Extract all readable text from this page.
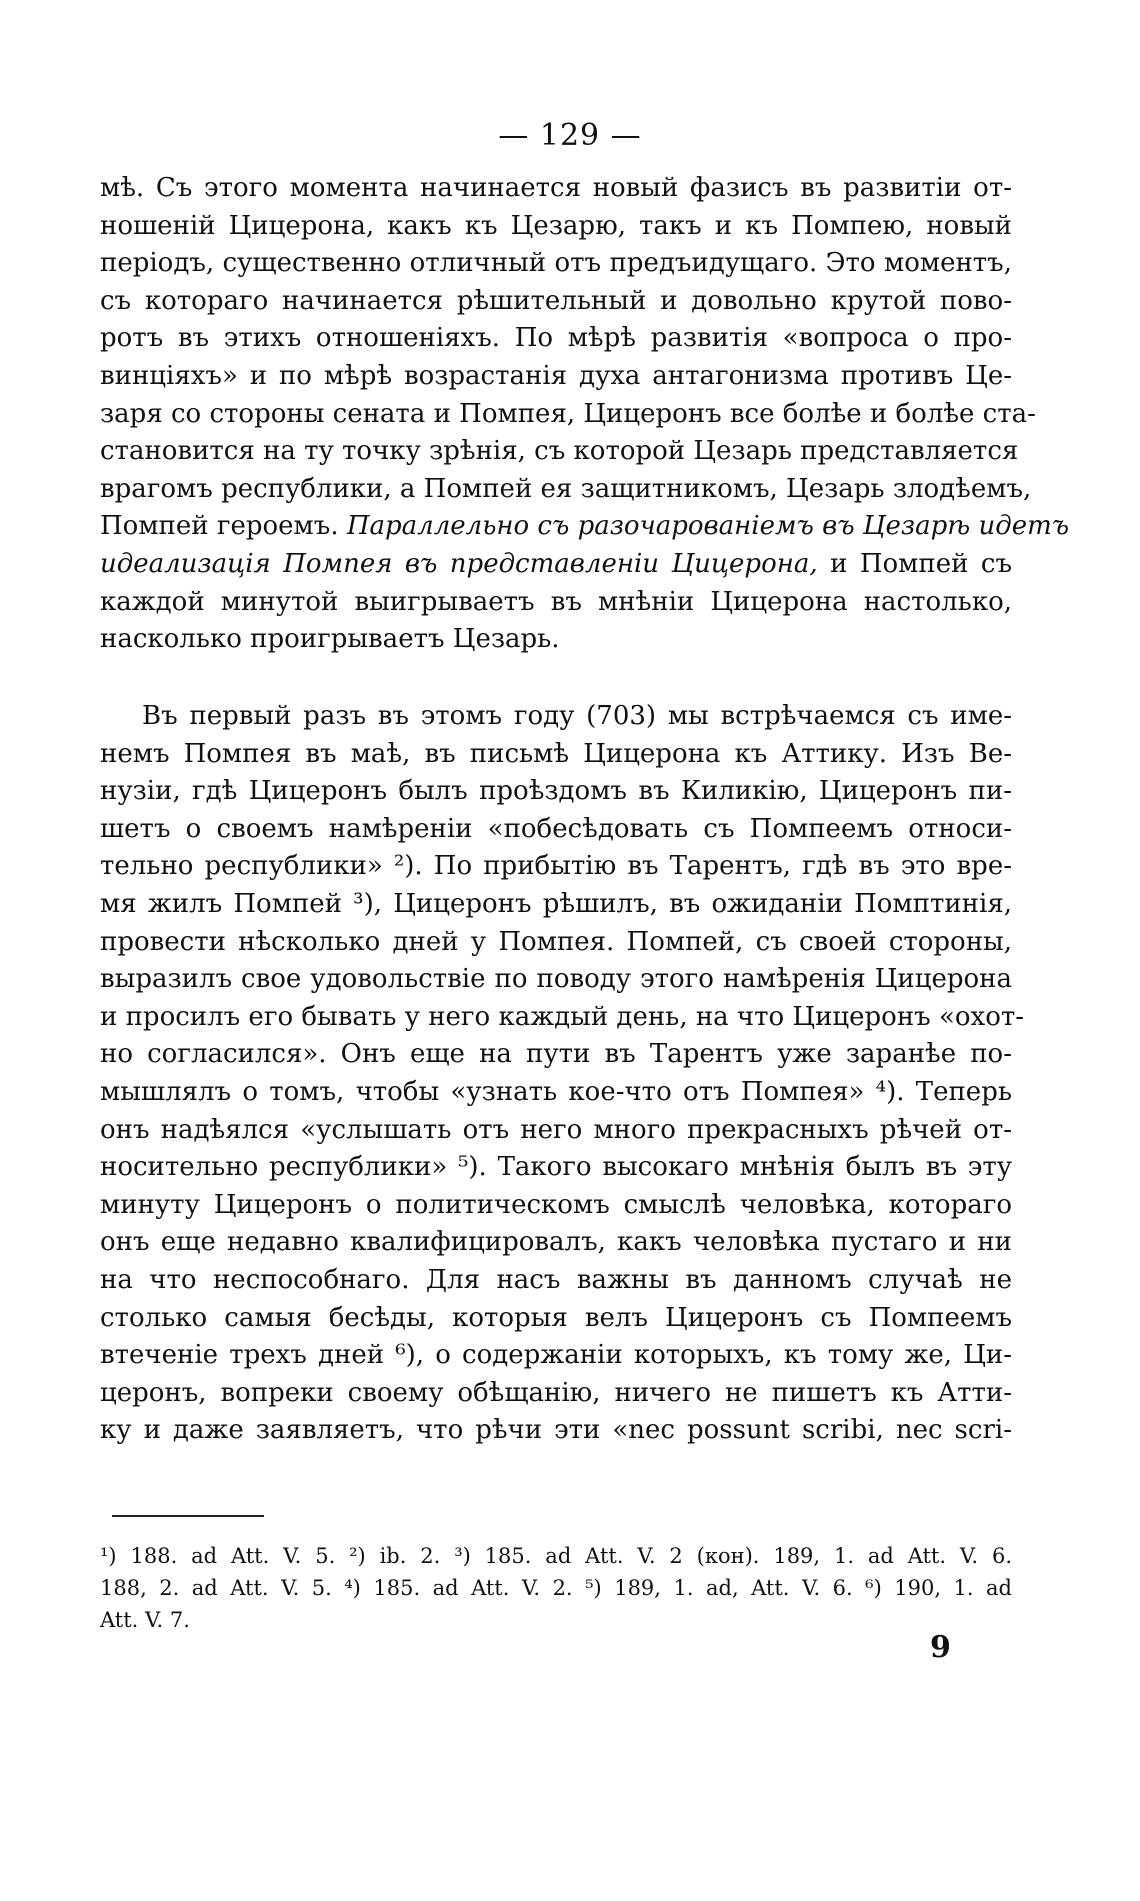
— 129 —
мѣ. Съ этого момента начинается новый фазисъ въ развитіи от-
ношеній Цицерона, какъ къ Цезарю, такъ и къ Помпею, новый
періодъ, существенно отличный отъ предъидущаго. Это моментъ,
съ котораго начинается рѣшительный и довольно крутой пово-
ротъ въ этихъ отношеніяхъ. По мѣрѣ развитія «вопроса о про-
винціяхъ» и по мѣрѣ возрастанія духа антагонизма противъ Це-
заря со стороны сената и Помпея, Цицеронъ все болѣе и болѣе ста-
становится на ту точку зрѣнія, съ которой Цезарь представляется
врагомъ республики, а Помпей ея защитникомъ, Цезарь злодѣемъ,
Помпей героемъ. Параллельно съ разочарованіемъ въ Цезарѣ идетъ
идеализація Помпея въ представленіи Цицерона, и Помпей съ
каждой минутой выигрываетъ въ мнѣніи Цицерона настолько,
насколько проигрываетъ Цезарь.
Въ первый разъ въ этомъ году (703) мы встрѣчаемся съ име-
немъ Помпея въ маѣ, въ письмѣ Цицерона къ Аттику. Изъ Ве-
нузіи, гдѣ Цицеронъ былъ проѣздомъ въ Киликію, Цицеронъ пи-
шетъ о своемъ намѣреніи «побесѣдовать съ Помпеемъ относи-
тельно республики» ²). По прибытію въ Тарентъ, гдѣ въ это вре-
мя жилъ Помпей ³), Цицеронъ рѣшилъ, въ ожиданіи Помптинія,
провести нѣсколько дней у Помпея. Помпей, съ своей стороны,
выразилъ свое удовольствіе по поводу этого намѣренія Цицерона
и просилъ его бывать у него каждый день, на что Цицеронъ «охот-
но согласился». Онъ еще на пути въ Тарентъ уже заранѣе по-
мышлялъ о томъ, чтобы «узнать кое-что отъ Помпея» ⁴). Теперь
онъ надѣялся «услышать отъ него много прекрасныхъ рѣчей от-
носительно республики» ⁵). Такого высокаго мнѣнія былъ въ эту
минуту Цицеронъ о политическомъ смыслѣ человѣка, котораго
онъ еще недавно квалифицировалъ, какъ человѣка пустаго и ни
на что неспособнаго. Для насъ важны въ данномъ случаѣ не
столько самыя бесѣды, которыя велъ Цицеронъ съ Помпеемъ
втеченіе трехъ дней ⁶), о содержаніи которыхъ, къ тому же, Ци-
церонъ, вопреки своему обѣщанію, ничего не пишетъ къ Атти-
ку и даже заявляетъ, что рѣчи эти «nec possunt scribi, nec scri-
¹) 188. ad Att. V. 5. ²) ib. 2. ³) 185. ad Att. V. 2 (кон). 189, 1. ad Att. V. 6.
188, 2. ad Att. V. 5. ⁴) 185. ad Att. V. 2. ⁵) 189, 1. ad, Att. V. 6. ⁶) 190, 1. ad
Att. V. 7.
9
